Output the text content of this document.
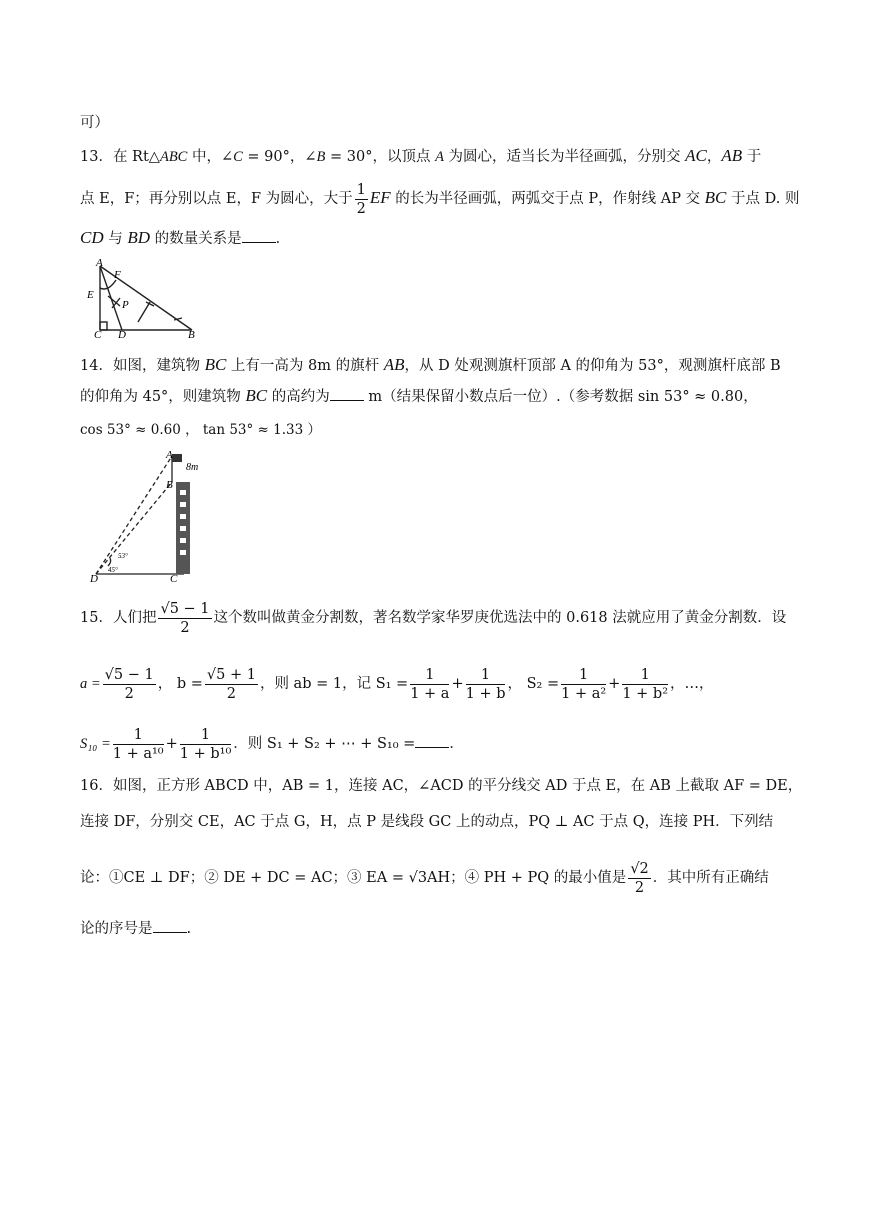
可）
13．在 Rt△ABC 中，∠C = 90°，∠B = 30°，以顶点 A 为圆心，适当长为半径画弧，分别交 AC，AB 于
点 E，F；再分别以点 E，F 为圆心，大于 $\frac{1}{2}$ EF 的长为半径画弧，两弧交于点 P，作射线 AP 交 BC 于点 D. 则
CD 与 BD 的数量关系是 ．
A
F
E
P
C D	B
14．如图，建筑物 BC 上有一高为 8m 的旗杆 AB，从 D 处观测旗杆顶部 A 的仰角为 53°，观测旗杆底部 B
的仰角为 45°，则建筑物 BC 的高约为 m（结果保留小数点后一位）.（参考数据 sin 53° ≈ 0.80，
cos 53° ≈ 0.60 ， tan 53° ≈ 1.33 ）
A
8m
B
D	C
45°
53°
15．人们把 $\frac{√5 - 1}{2}$ 这个数叫做黄金分割数，著名数学家华罗庚优选法中的 0.618 法就应用了黄金分割数．设
$a = \frac{√5 - 1}{2}$ ， $b = \frac{√5 + 1}{2}$ ，则 ab = 1，记 $S_1 = \frac{1}{1 + a} + \frac{1}{1 + b}$ ， $S_2 = \frac{1}{\text{1 + a²}} + \frac{1}{\text{1 + b²}}$ ，…，
$S_{10} = \frac{1}{\text{1 + a¹⁰}} + \frac{1}{\text{1 + b¹⁰}}$ ．则 S₁ + S₂ + ⋯ + S₁₀ = ．
16．如图，正方形 ABCD 中，AB = 1，连接 AC，∠ACD 的平分线交 AD 于点 E，在 AB 上截取 AF = DE，
连接 DF，分别交 CE，AC 于点 G，H，点 P 是线段 GC 上的动点，PQ ⊥ AC 于点 Q，连接 PH．下列结
论：①CE ⊥ DF；② DE + DC = AC；③ EA = √3AH；④ PH + PQ 的最小值是 $\frac{√2}{2}$ ．其中所有正确结
论的序号是 .
